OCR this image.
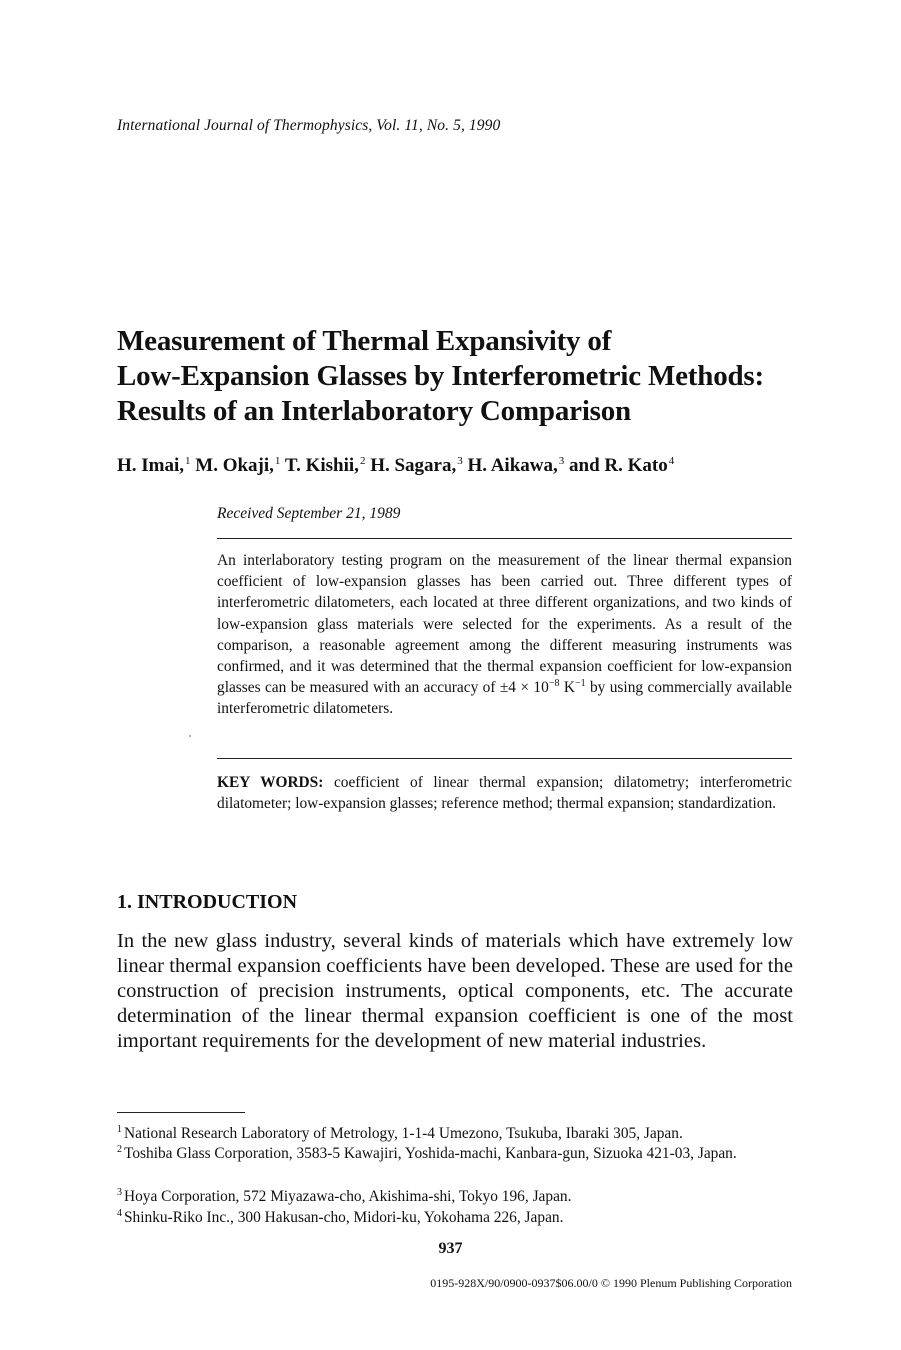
International Journal of Thermophysics, Vol. 11, No. 5, 1990
Measurement of Thermal Expansivity of
Low-Expansion Glasses by Interferometric Methods:
Results of an Interlaboratory Comparison
H. Imai,$^1$ M. Okaji,$^1$ T. Kishii,$^2$ H. Sagara,$^3$ H. Aikawa,$^3$ and R. Kato$^4$
Received September 21, 1989
An interlaboratory testing program on the measurement of the linear thermal expansion coefficient of low-expansion glasses has been carried out. Three different types of interferometric dilatometers, each located at three different organizations, and two kinds of low-expansion glass materials were selected for the experiments. As a result of the comparison, a reasonable agreement among the different measuring instruments was confirmed, and it was determined that the thermal expansion coefficient for low-expansion glasses can be measured with an accuracy of $\pm 4 \times 10^{-8}$ $K^{-1}$ by using commercially available interferometric dilatometers.
KEY WORDS: coefficient of linear thermal expansion; dilatometry; interferometric dilatometer; low-expansion glasses; reference method; thermal expansion; standardization.
1. INTRODUCTION
In the new glass industry, several kinds of materials which have extremely low linear thermal expansion coefficients have been developed. These are used for the construction of precision instruments, optical components, etc. The accurate determination of the linear thermal expansion coefficient is one of the most important requirements for the development of new material industries.
$^1$ National Research Laboratory of Metrology, 1-1-4 Umezono, Tsukuba, Ibaraki 305, Japan.
$^2$ Toshiba Glass Corporation, 3583-5 Kawajiri, Yoshida-machi, Kanbara-gun, Sizuoka 421-03, Japan.
$^3$ Hoya Corporation, 572 Miyazawa-cho, Akishima-shi, Tokyo 196, Japan.
$^4$ Shinku-Riko Inc., 300 Hakusan-cho, Midori-ku, Yokohama 226, Japan.
937
0195-928X/90/0900-0937$06.00/0 © 1990 Plenum Publishing Corporation
